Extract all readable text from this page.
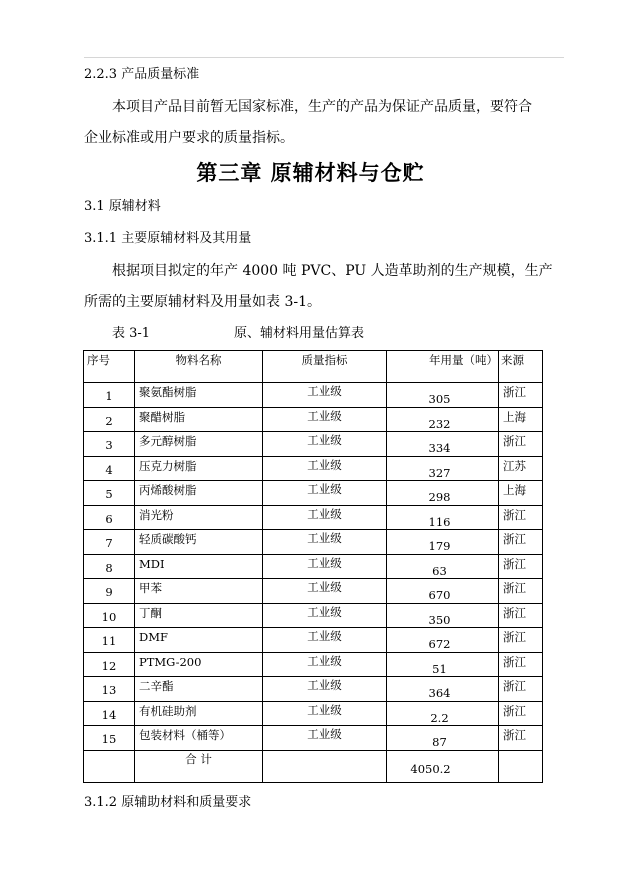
2.2.3 产品质量标准
本项目产品目前暂无国家标准，生产的产品为保证产品质量，要符合
企业标准或用户要求的质量指标。
第三章 原辅材料与仓贮
3.1 原辅材料
3.1.1 主要原辅材料及其用量
根据项目拟定的年产 4000 吨 PVC、PU 人造革助剂的生产规模，生产
所需的主要原辅材料及用量如表 3-1。
表 3-1	原、辅材料用量估算表
序号	物料名称	质量指标	年用量（吨）	来源

1	聚氨酯树脂	工业级	305	浙江

2	聚醋树脂	工业级	232	上海

3	多元醇树脂	工业级	334	浙江

4	压克力树脂	工业级	327	江苏

5	丙烯酸树脂	工业级	298	上海

6	消光粉	工业级	116	浙江

7	轻质碳酸钙	工业级	179	浙江

8	MDI	工业级	63	浙江

9	甲苯	工业级	670	浙江

10	丁酮	工业级	350	浙江

11	DMF	工业级	672	浙江

12	PTMG-200	工业级	51	浙江

13	二辛酯	工业级	364	浙江

14	有机硅助剂	工业级	2.2	浙江

15	包装材料（桶等）	工业级	87	浙江

	合 计		4050.2	

3.1.2 原辅助材料和质量要求
